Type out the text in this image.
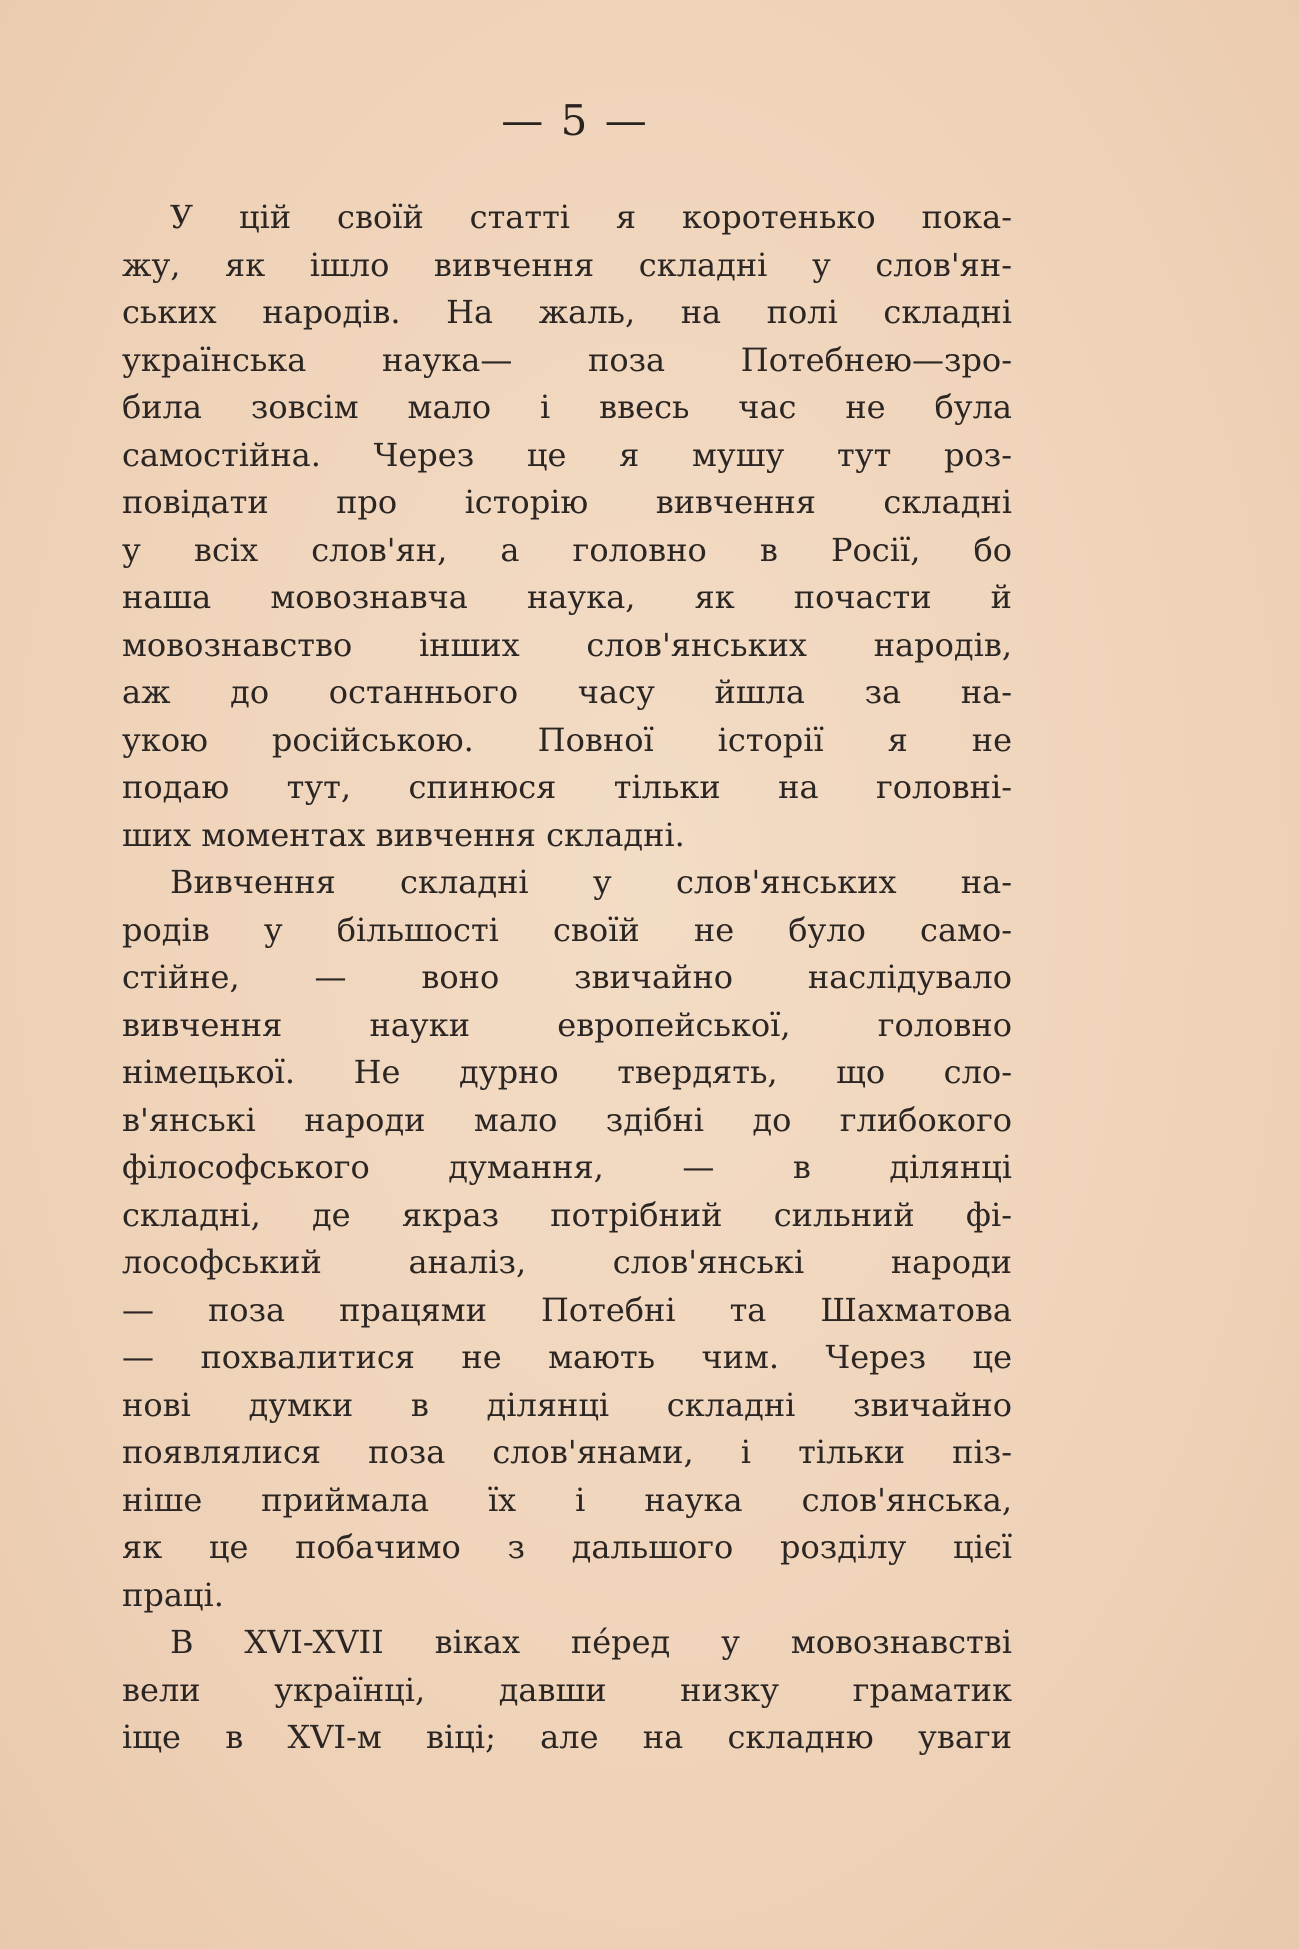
— 5 —
У цій своїй статті я коротенько пока-
жу, як ішло вивчення складні у слов'ян-
ських народів. На жаль, на полі складні
українська наука— поза Потебнею—зро-
била зовсім мало і ввесь час не була
самостійна. Через це я мушу тут роз-
повідати про історію вивчення складні
у всіх слов'ян, а головно в Росії, бо
наша мовознавча наука, як почасти й
мовознавство інших слов'янських народів,
аж до останнього часу йшла за на-
укою російською. Повної історії я не
подаю тут, спинюся тільки на головні-
ших моментах вивчення складні.
Вивчення складні у слов'янських на-
родів у більшості своїй не було само-
стійне, — воно звичайно наслідувало
вивчення науки европейської, головно
німецької. Не дурно твердять, що сло-
в'янські народи мало здібні до глибокого
філософського думання, — в ділянці
складні, де якраз потрібний сильний фі-
лософський аналіз, слов'янські народи
— поза працями Потебні та Шахматова
— похвалитися не мають чим. Через це
нові думки в ділянці складні звичайно
появлялися поза слов'янами, і тільки піз-
ніше приймала їх і наука слов'янська,
як це побачимо з дальшого розділу цієї
праці.
В XVI-XVII віках пéред у мовознавстві
вели українці, давши низку граматик
іще в XVI-м віці; але на складню уваги
